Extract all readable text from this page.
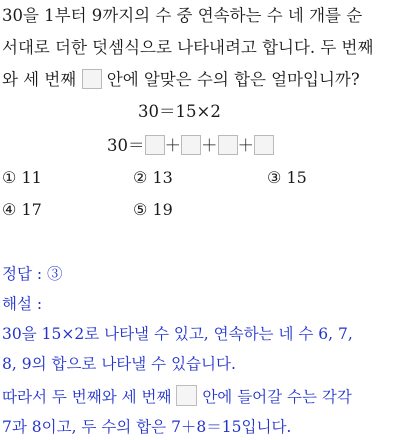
30을 1부터 9까지의 수 중 연속하는 수 네 개를 순
서대로 더한 덧셈식으로 나타내려고 합니다. 두 번째
와 세 번째 안에 알맞은 수의 합은 얼마입니까?
30＝15×2
30＝ ＋ ＋ ＋
① 11	② 13	③ 15
④ 17	⑤ 19
정답 : ③
해설 :
30을 15×2로 나타낼 수 있고, 연속하는 네 수 6, 7,
8, 9의 합으로 나타낼 수 있습니다.
따라서 두 번째와 세 번째 안에 들어갈 수는 각각
7과 8이고, 두 수의 합은 7＋8＝15입니다.
